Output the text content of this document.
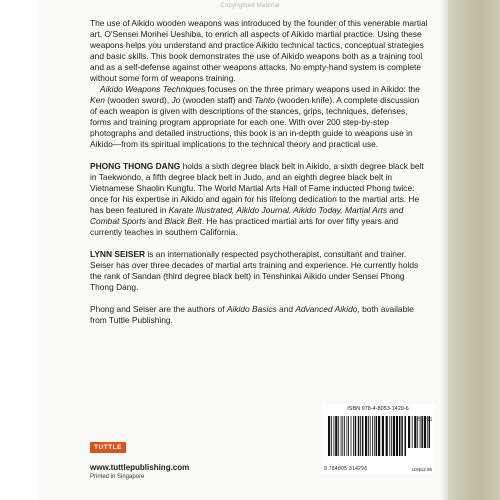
Copyrighted Material

The use of Aikido wooden weapons was introduced by the founder of this venerable martial art, O'Sensei Morihei Ueshiba, to enrich all aspects of Aikido martial practice. Using these weapons helps you understand and practice Aikido technical tactics, conceptual strategies and basic skills. This book demonstrates the use of Aikido weapons both as a training tool and as a self-defense against other weapons attacks. No empty-hand system is complete without some form of weapons training.

Aikido Weapons Techniques focuses on the three primary weapons used in Aikido: the Ken (wooden sword), Jo (wooden staff) and Tanto (wooden knife). A complete discussion of each weapon is given with descriptions of the stances, grips, techniques, defenses, forms and training program appropriate for each one. With over 200 step-by-step photographs and detailed instructions, this book is an in-depth guide to weapons use in Aikido—from its spiritual implications to the technical theory and practical use.

PHONG THONG DANG holds a sixth degree black belt in Aikido, a sixth degree black belt in Taekwondo, a fifth degree black belt in Judo, and an eighth degree black belt in Vietnamese Shaolin Kungfu. The World Martial Arts Hall of Fame inducted Phong twice: once for his expertise in Aikido and again for his lifelong dedication to the martial arts. He has been featured in Karate Illustrated, Aikido Journal, Aikido Today, Martial Arts and Combat Sports and Black Belt. He has practiced martial arts for over fifty years and currently teaches in southern California.

LYNN SEISER is an internationally respected psychotherapist, consultant and trainer. Seiser has over three decades of martial arts training and experience. He currently holds the rank of Sandan (third degree black belt) in Tenshinkai Aikido under Sensei Phong Thong Dang.

Phong and Seiser are the authors of Aikido Basics and Advanced Aikido, both available from Tuttle Publishing.

TUTTLE
www.tuttlepublishing.com
Printed in Singapore
ISBN 978-4-8053-1429-6
51295
9 784805 314296	US$12.95
